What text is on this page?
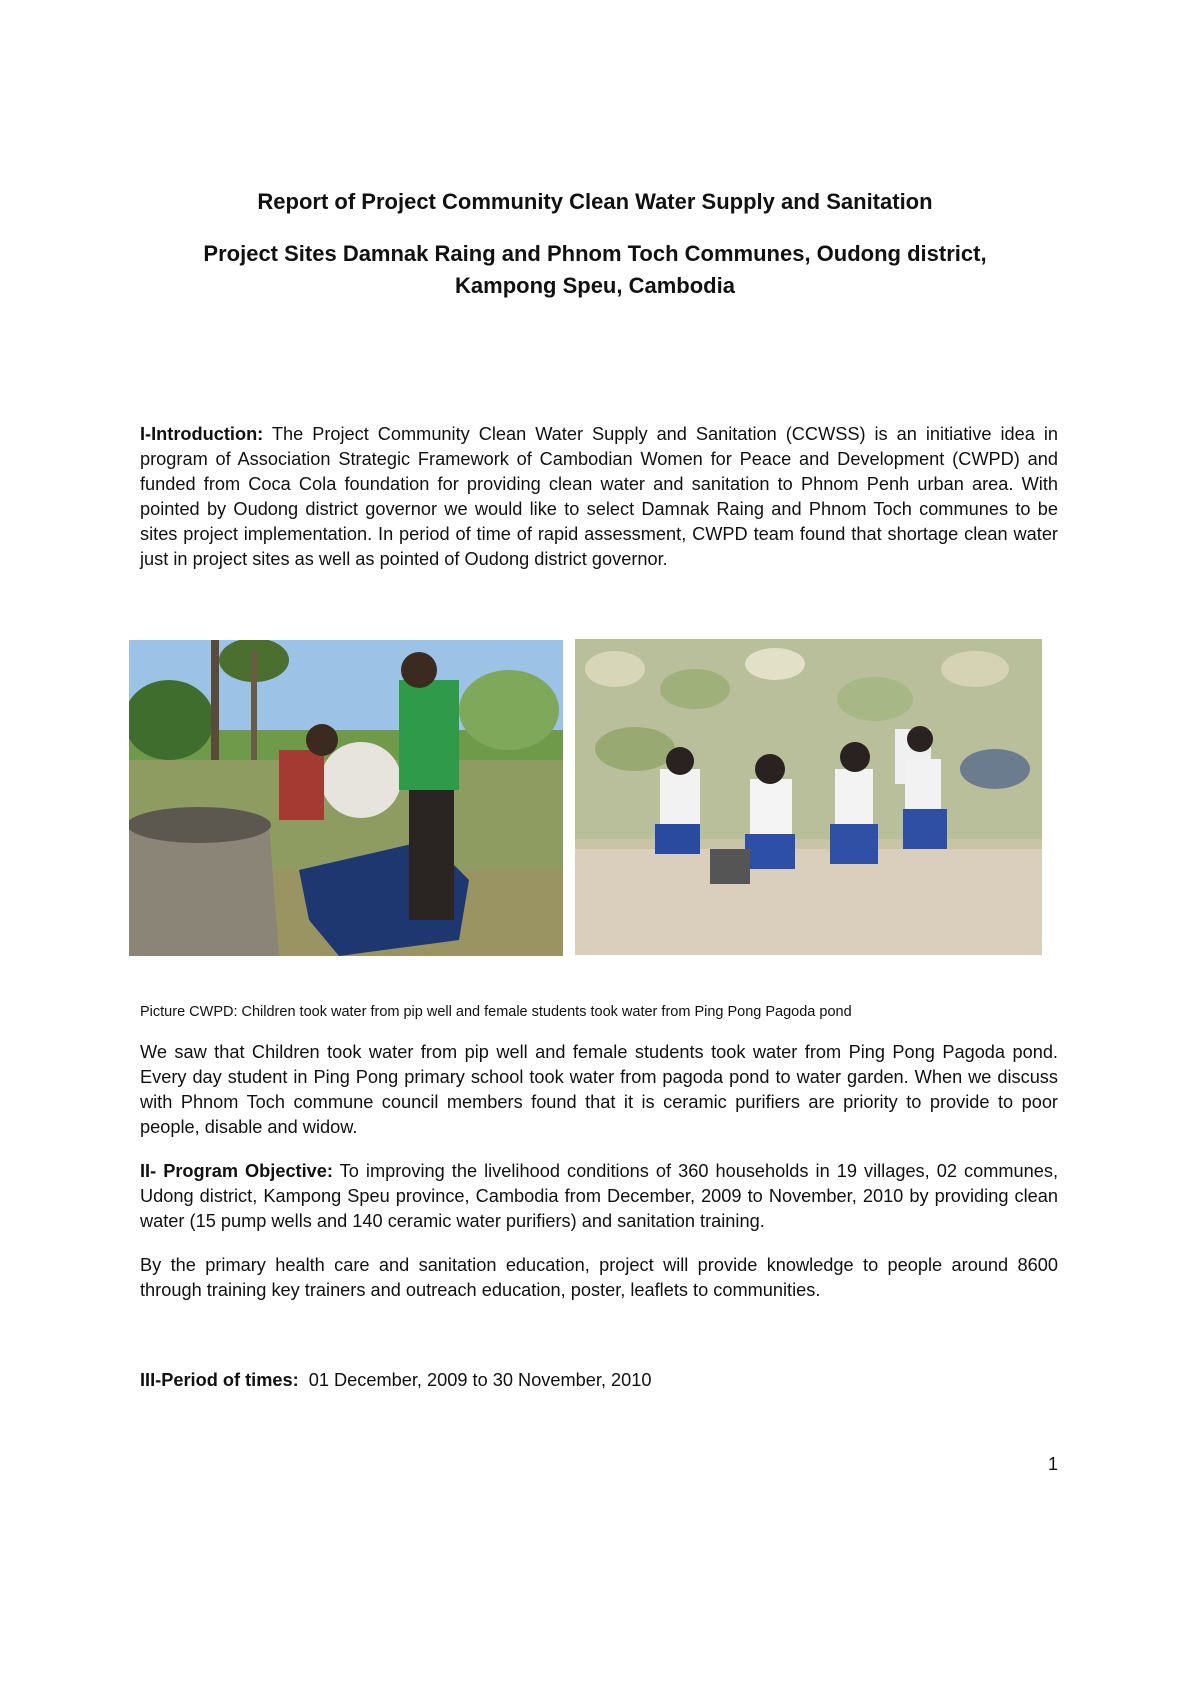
Report of Project Community Clean Water Supply and Sanitation
Project Sites Damnak Raing and Phnom Toch Communes, Oudong district,
Kampong Speu, Cambodia

I-Introduction: The Project Community Clean Water Supply and Sanitation (CCWSS) is an initiative idea in program of Association Strategic Framework of Cambodian Women for Peace and Development (CWPD) and funded from Coca Cola foundation for providing clean water and sanitation to Phnom Penh urban area. With pointed by Oudong district governor we would like to select Damnak Raing and Phnom Toch communes to be sites project implementation. In period of time of rapid assessment, CWPD team found that shortage clean water just in project sites as well as pointed of Oudong district governor.

Picture CWPD: Children took water from pip well and female students took water from Ping Pong Pagoda pond

We saw that Children took water from pip well and female students took water from Ping Pong Pagoda pond. Every day student in Ping Pong primary school took water from pagoda pond to water garden. When we discuss with Phnom Toch commune council members found that it is ceramic purifiers are priority to provide to poor people, disable and widow.

II- Program Objective: To improving the livelihood conditions of 360 households in 19 villages, 02 communes, Udong district, Kampong Speu province, Cambodia from December, 2009 to November, 2010 by providing clean water (15 pump wells and 140 ceramic water purifiers) and sanitation training.

By the primary health care and sanitation education, project will provide knowledge to people around 8600 through training key trainers and outreach education, poster, leaflets to communities.

III-Period of times:  01 December, 2009 to 30 November, 2010

1
